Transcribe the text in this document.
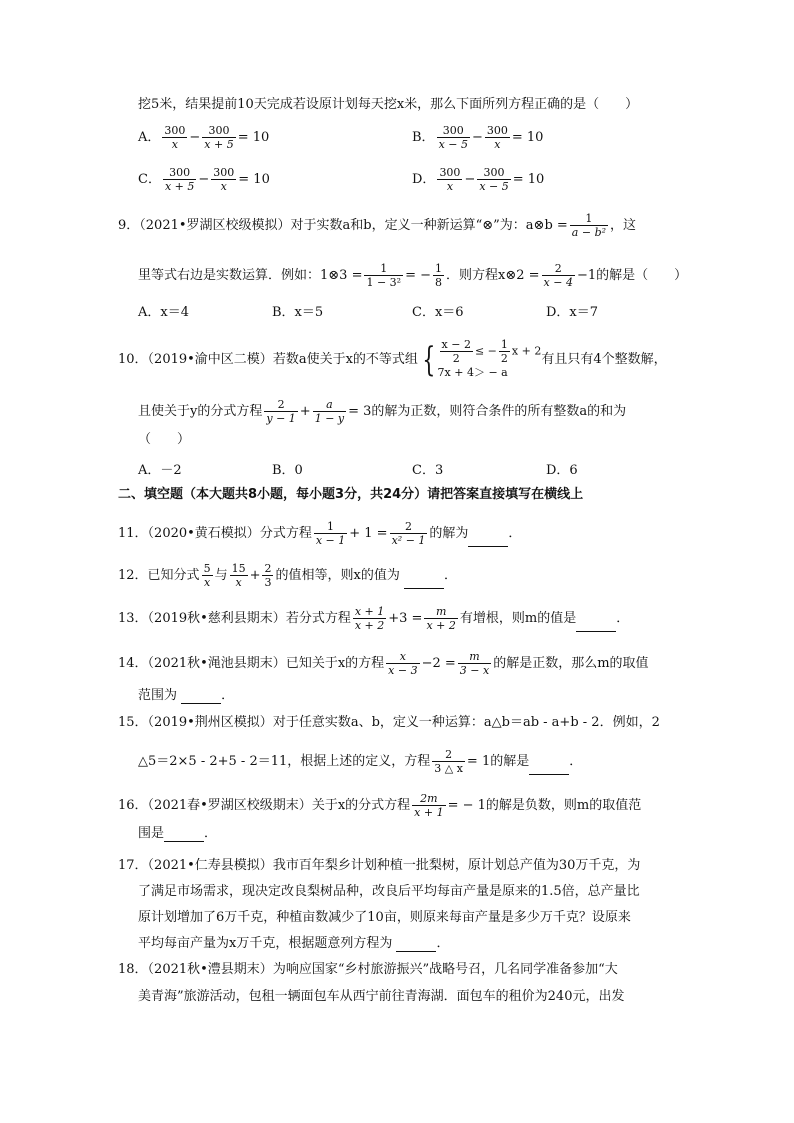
挖5米，结果提前10天完成若设原计划每天挖x米，那么下面所列方程正确的是（　　）
A． $\frac{300}{x} - \frac{300}{x + 5} = 10$	B． $\frac{300}{x - 5} - \frac{300}{x} = 10$
C． $\frac{300}{x + 5} - \frac{300}{x} = 10$	D． $\frac{300}{x} - \frac{300}{x - 5} = 10$
9．（2021•罗湖区校级模拟）对于实数a和b，定义一种新运算“⊗”为：a⊗b = $\frac{1}{\text{a − b²}}$ ，这
里等式右边是实数运算．例如：1⊗3 = $\frac{1}{\text{1 − 3²}}$ = − $\frac{1}{8}$ ．则方程x⊗2 = $\frac{2}{x - 4} -1$的解是（　　）
A．x＝4	B．x＝5	C．x＝6	D．x＝7
10．（2019•渝中区二模）若数a使关于x的不等式组 { $\frac{x - 2}{2}$ ≤ − $\frac{1}{2}$ x + 2
7x + 4＞ − a
有且只有4个整数解，
且使关于y的分式方程 $\frac{2}{y - 1} + \frac{a}{1 - y} = 3$的解为正数，则符合条件的所有整数a的和为
（　　）
A．－2	B．0	C．3	D．6
二、填空题（本大题共8小题，每小题3分，共24分）请把答案直接填写在横线上
11．（2020•黄石模拟）分式方程 $\frac{1}{x - 1} + 1 = \frac{2}{\text{x² − 1}}$ 的解为	．
12．已知分式 $\frac{5}{x}$ 与 $\frac{15}{x} + \frac{2}{3}$ 的值相等，则x的值为	．
13．（2019秋•慈利县期末）若分式方程 $\frac{x + 1}{x + 2} +3 = \frac{m}{x + 2}$ 有增根，则m的值是	．
14．（2021秋•渑池县期末）已知关于x的方程 $\frac{x}{x - 3} -2 = \frac{m}{3 - x}$ 的解是正数，那么m的取值
范围为	．
15．（2019•荆州区模拟）对于任意实数a、b，定义一种运算：a△b＝ab - a+b - 2．例如，2
△5＝2×5 - 2+5 - 2＝11，根据上述的定义，方程 $\frac{2}{3 \triangle x} = 1$的解是	．
16．（2021春•罗湖区校级期末）关于x的分式方程 $\frac{2m}{x + 1}$ = − 1的解是负数，则m的取值范
围是	．
17．（2021•仁寿县模拟）我市百年梨乡计划种植一批梨树，原计划总产值为30万千克，为
了满足市场需求，现决定改良梨树品种，改良后平均每亩产量是原来的1.5倍，总产量比
原计划增加了6万千克，种植亩数减少了10亩，则原来每亩产量是多少万千克？设原来
平均每亩产量为x万千克，根据题意列方程为	．
18．（2021秋•澧县期末）为响应国家“乡村旅游振兴”战略号召，几名同学准备参加“大
美青海”旅游活动，包租一辆面包车从西宁前往青海湖．面包车的租价为240元，出发
